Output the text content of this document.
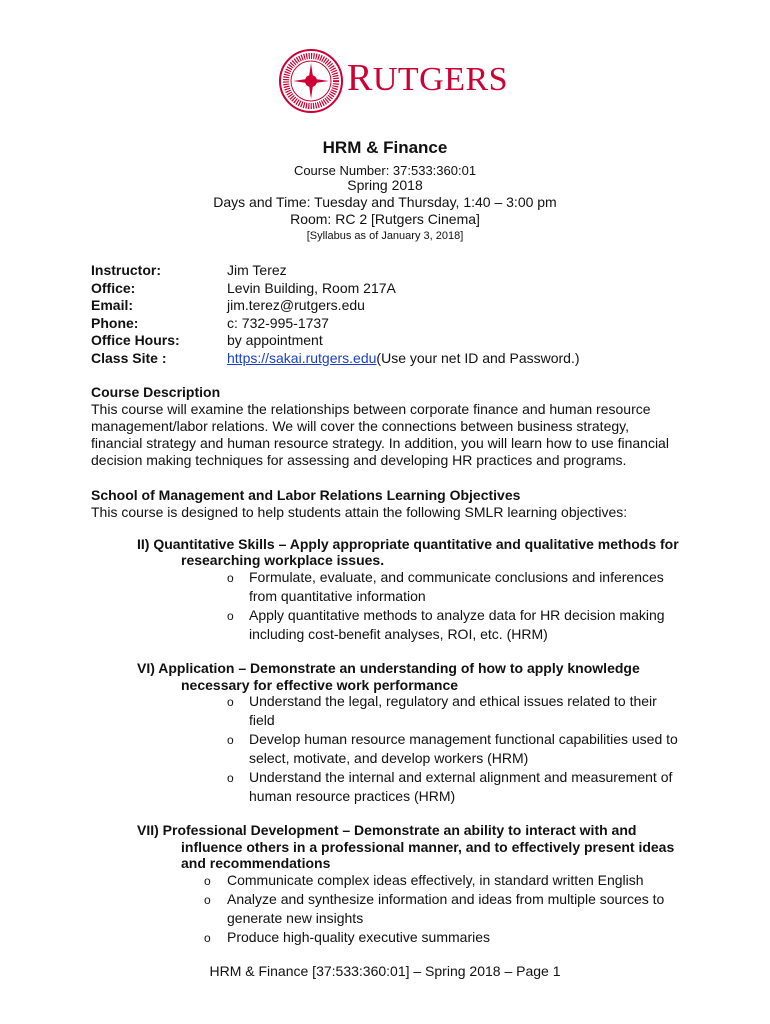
RUTGERS
HRM & Finance
Course Number: 37:533:360:01
Spring 2018
Days and Time: Tuesday and Thursday, 1:40 – 3:00 pm
Room: RC 2 [Rutgers Cinema]
[Syllabus as of January 3, 2018]
Instructor:	Jim Terez
Office:	Levin Building, Room 217A
Email:	jim.terez@rutgers.edu
Phone:	c: 732-995-1737
Office Hours:	by appointment
Class Site :	https://sakai.rutgers.edu(Use your net ID and Password.)
Course Description
This course will examine the relationships between corporate finance and human resource
management/labor relations. We will cover the connections between business strategy,
financial strategy and human resource strategy. In addition, you will learn how to use financial
decision making techniques for assessing and developing HR practices and programs.
School of Management and Labor Relations Learning Objectives
This course is designed to help students attain the following SMLR learning objectives:
II) Quantitative Skills – Apply appropriate quantitative and qualitative methods for
researching workplace issues.
o Formulate, evaluate, and communicate conclusions and inferences
from quantitative information
o Apply quantitative methods to analyze data for HR decision making
including cost-benefit analyses, ROI, etc. (HRM)
VI) Application – Demonstrate an understanding of how to apply knowledge
necessary for effective work performance
o Understand the legal, regulatory and ethical issues related to their
field
o Develop human resource management functional capabilities used to
select, motivate, and develop workers (HRM)
o Understand the internal and external alignment and measurement of
human resource practices (HRM)
VII) Professional Development – Demonstrate an ability to interact with and
influence others in a professional manner, and to effectively present ideas
and recommendations
o Communicate complex ideas effectively, in standard written English
o Analyze and synthesize information and ideas from multiple sources to
generate new insights
o Produce high-quality executive summaries
HRM & Finance [37:533:360:01] – Spring 2018 – Page 1
